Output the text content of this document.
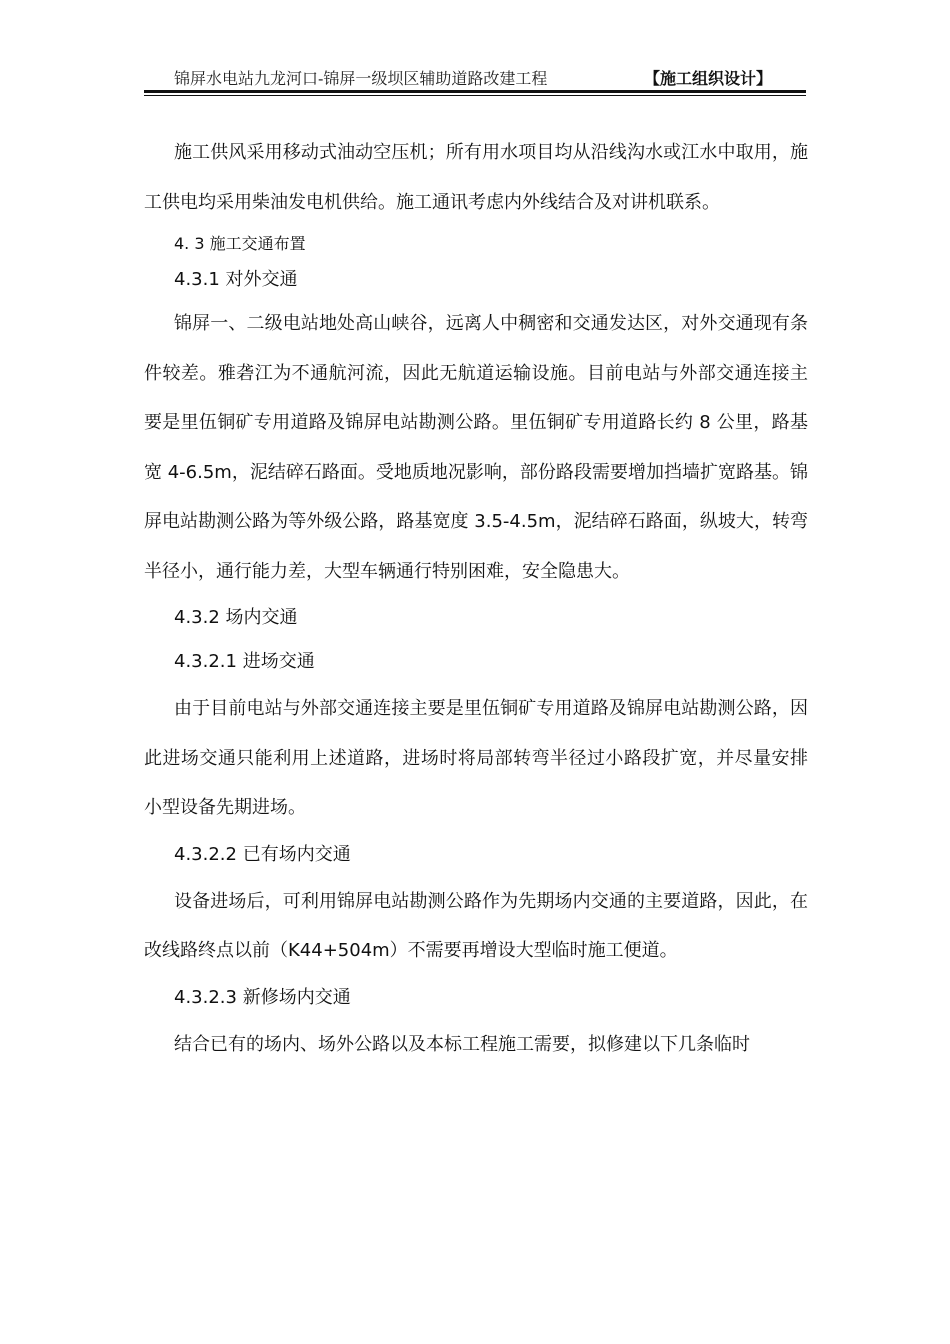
锦屏水电站九龙河口-锦屏一级坝区辅助道路改建工程	【施工组织设计】

施工供风采用移动式油动空压机；所有用水项目均从沿线沟水或江水中取用，施工供电均采用柴油发电机供给。施工通讯考虑内外线结合及对讲机联系。

4. 3 施工交通布置
4.3.1 对外交通

锦屏一、二级电站地处高山峡谷，远离人中稠密和交通发达区，对外交通现有条件较差。雅砻江为不通航河流，因此无航道运输设施。目前电站与外部交通连接主要是里伍铜矿专用道路及锦屏电站勘测公路。里伍铜矿专用道路长约 8 公里，路基宽 4-6.5m，泥结碎石路面。受地质地况影响，部份路段需要增加挡墙扩宽路基。锦屏电站勘测公路为等外级公路，路基宽度 3.5-4.5m，泥结碎石路面，纵坡大，转弯半径小，通行能力差，大型车辆通行特别困难，安全隐患大。

4.3.2 场内交通
4.3.2.1 进场交通

由于目前电站与外部交通连接主要是里伍铜矿专用道路及锦屏电站勘测公路，因此进场交通只能利用上述道路，进场时将局部转弯半径过小路段扩宽，并尽量安排小型设备先期进场。

4.3.2.2 已有场内交通

设备进场后，可利用锦屏电站勘测公路作为先期场内交通的主要道路，因此，在改线路终点以前（K44+504m）不需要再增设大型临时施工便道。

4.3.2.3 新修场内交通

结合已有的场内、场外公路以及本标工程施工需要，拟修建以下几条临时
